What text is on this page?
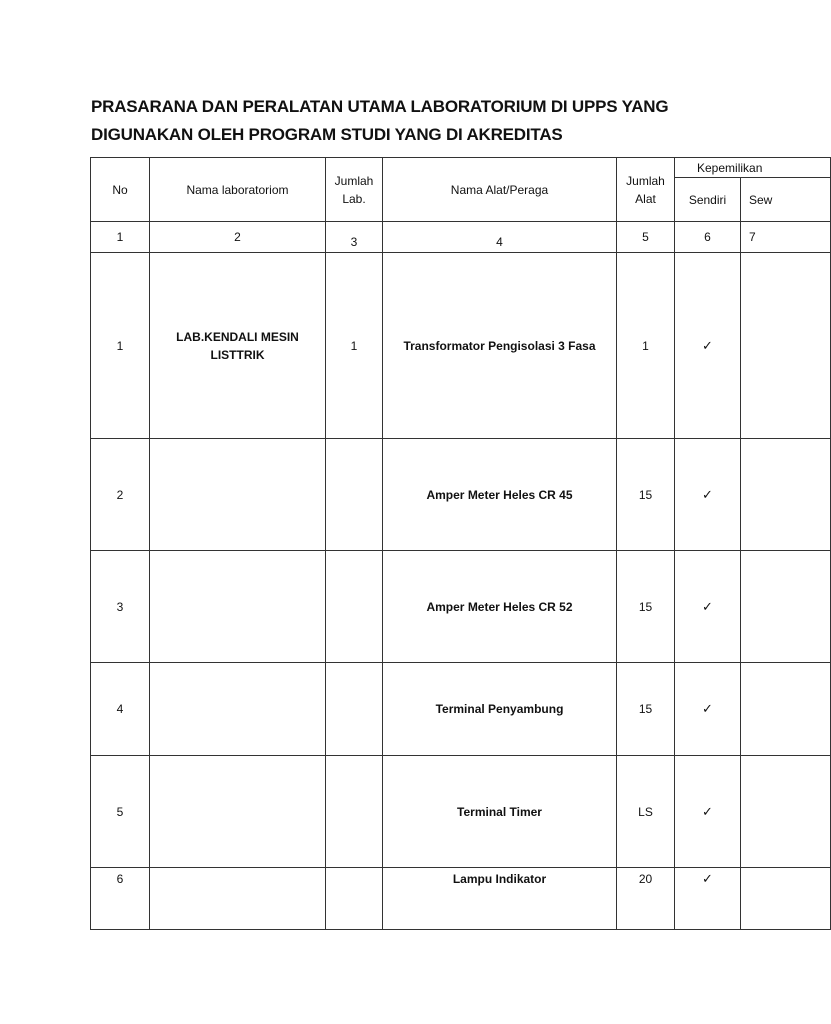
PRASARANA DAN PERALATAN UTAMA LABORATORIUM DI UPPS YANG
DIGUNAKAN OLEH PROGRAM STUDI YANG DI AKREDITAS
No	Nama laboratoriom	Jumlah Lab.	Nama Alat/Peraga	Jumlah Alat	Kepemilikan	
					Sendiri	Sew
1	2	3	4	5	6	7
1	LAB.KENDALI MESIN LISTTRIK	1	Transformator Pengisolasi 3 Fasa	1	✓	
2			Amper Meter Heles CR 45	15	✓	
3			Amper Meter Heles CR 52	15	✓	
4			Terminal Penyambung	15	✓	
5			Terminal Timer	LS	✓	
6			Lampu Indikator	20	✓	
